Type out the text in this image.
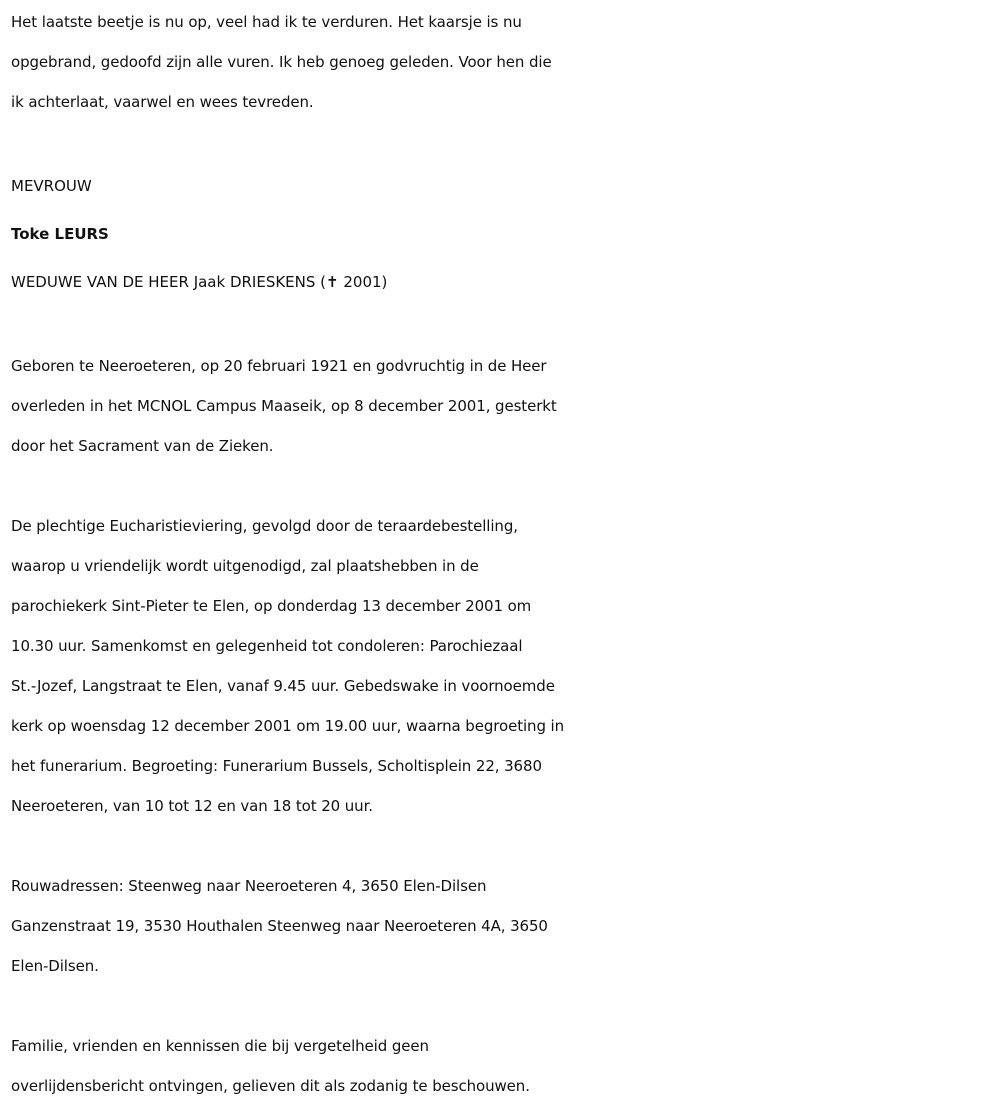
Het laatste beetje is nu op, veel had ik te verduren. Het kaarsje is nu
opgebrand, gedoofd zijn alle vuren. Ik heb genoeg geleden. Voor hen die
ik achterlaat, vaarwel en wees tevreden.

MEVROUW

Toke LEURS

WEDUWE VAN DE HEER Jaak DRIESKENS (✝ 2001)

Geboren te Neeroeteren, op 20 februari 1921 en godvruchtig in de Heer
overleden in het MCNOL Campus Maaseik, op 8 december 2001, gesterkt
door het Sacrament van de Zieken.

De plechtige Eucharistieviering, gevolgd door de teraardebestelling,
waarop u vriendelijk wordt uitgenodigd, zal plaatshebben in de
parochiekerk Sint-Pieter te Elen, op donderdag 13 december 2001 om
10.30 uur. Samenkomst en gelegenheid tot condoleren: Parochiezaal
St.-Jozef, Langstraat te Elen, vanaf 9.45 uur. Gebedswake in voornoemde
kerk op woensdag 12 december 2001 om 19.00 uur, waarna begroeting in
het funerarium. Begroeting: Funerarium Bussels, Scholtisplein 22, 3680
Neeroeteren, van 10 tot 12 en van 18 tot 20 uur.

Rouwadressen: Steenweg naar Neeroeteren 4, 3650 Elen-Dilsen
Ganzenstraat 19, 3530 Houthalen Steenweg naar Neeroeteren 4A, 3650
Elen-Dilsen.

Familie, vrienden en kennissen die bij vergetelheid geen
overlijdensbericht ontvingen, gelieven dit als zodanig te beschouwen.
